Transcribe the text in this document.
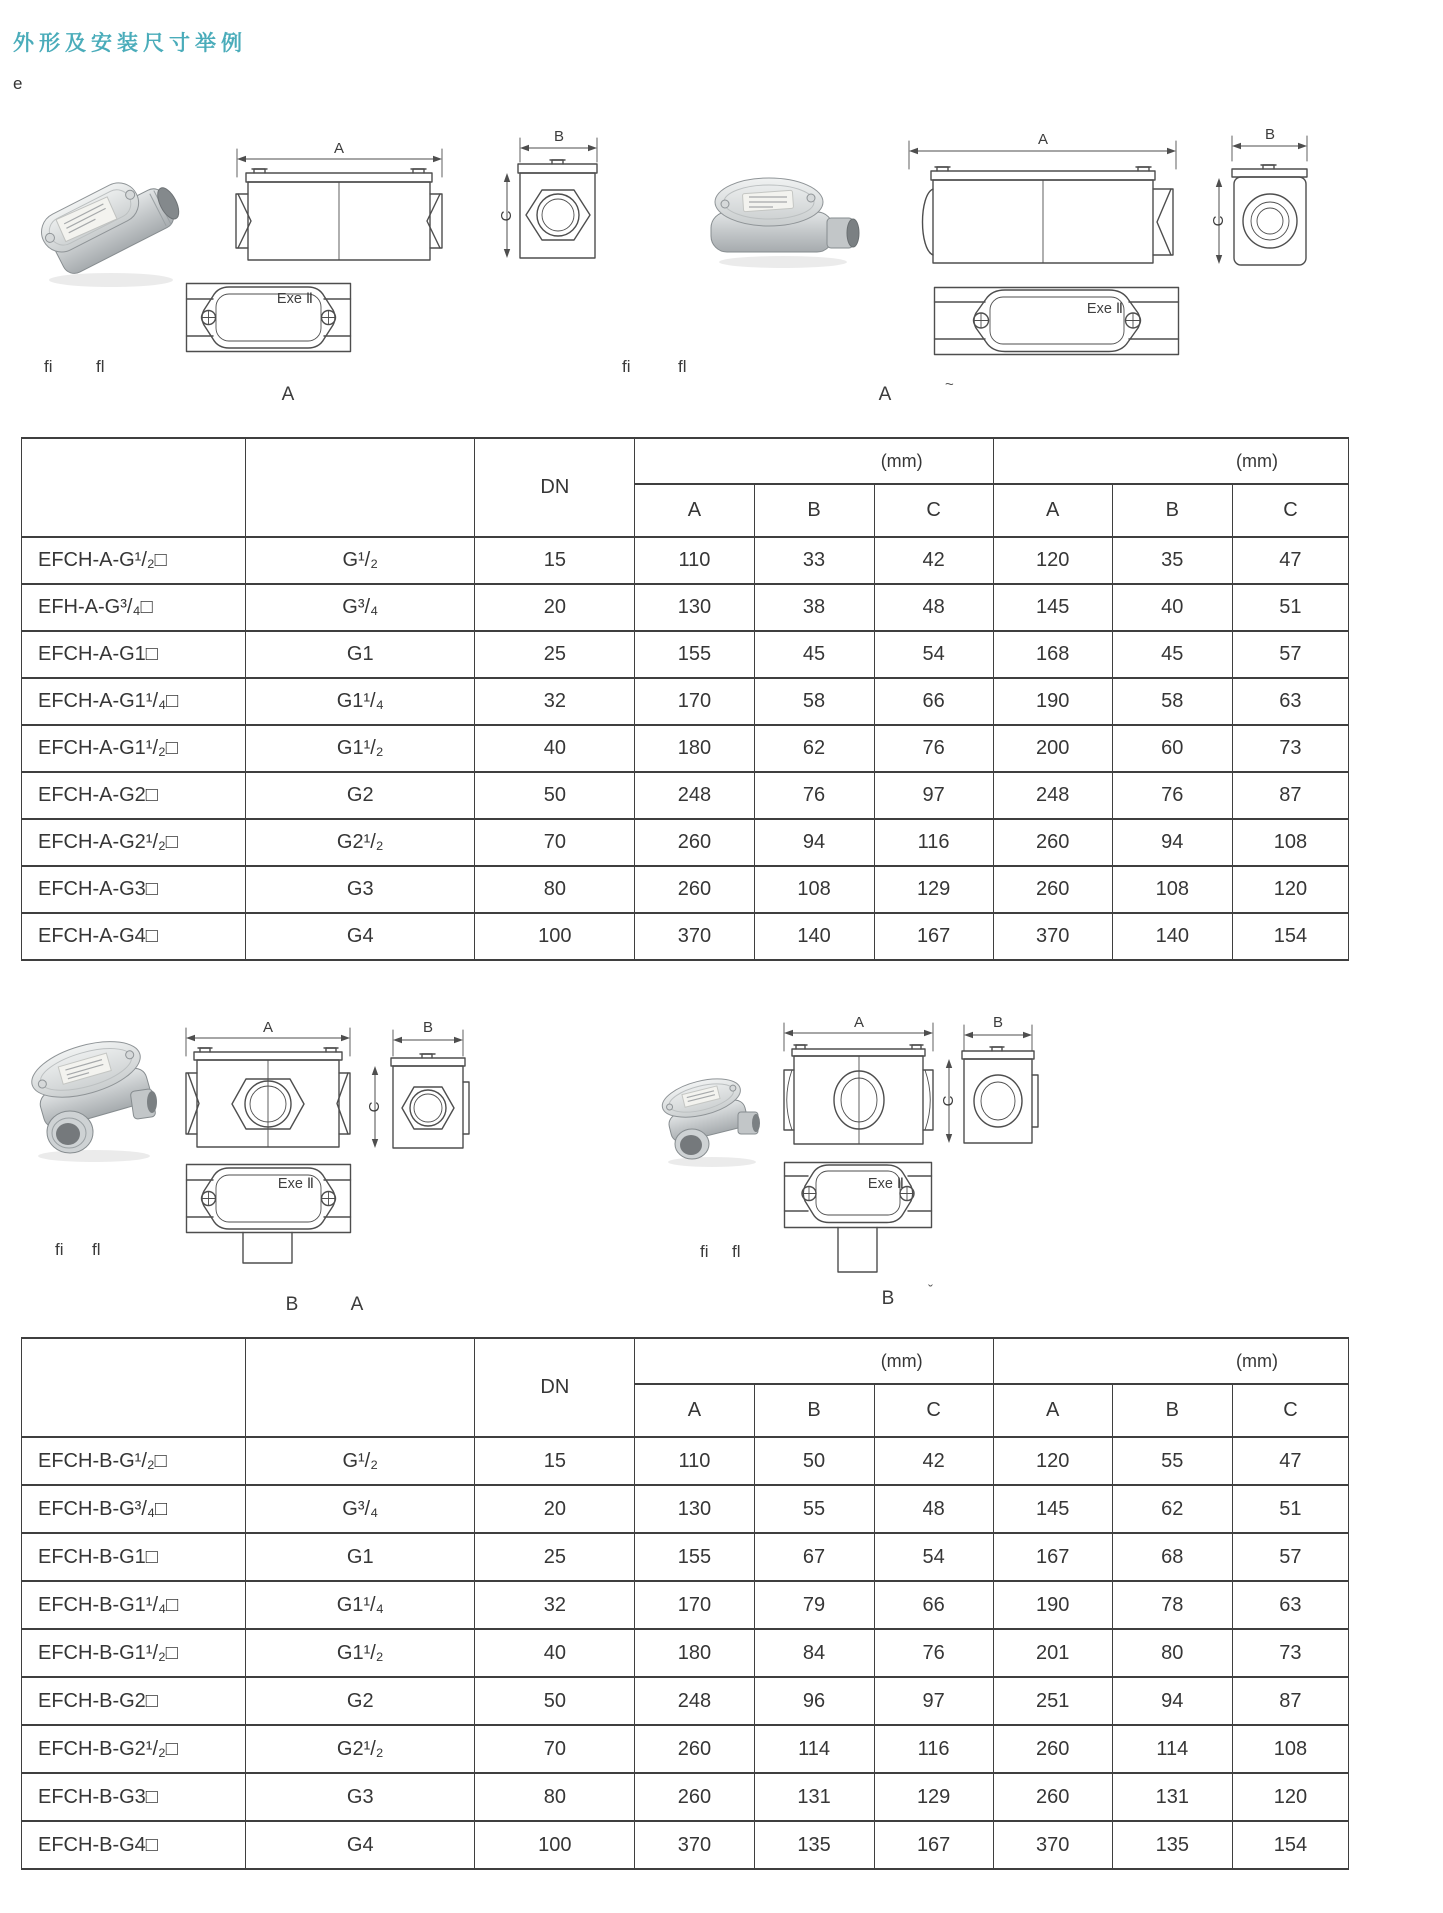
外形及安装尺寸举例
e
A
B
C
Exe Ⅱ
fi	fl
A
A	B
C
Exe Ⅱ
fi	fl
A	~
		DN	(mm)			(mm)		
			A	B	C	A	B	C
EFCH-A-G¹/₂□	G¹/₂	15	110	33	42	120	35	47
EFH-A-G³/₄□	G³/₄	20	130	38	48	145	40	51
EFCH-A-G1□	G1	25	155	45	54	168	45	57
EFCH-A-G1¹/₄□	G1¹/₄	32	170	58	66	190	58	63
EFCH-A-G1¹/₂□	G1¹/₂	40	180	62	76	200	60	73
EFCH-A-G2□	G2	50	248	76	97	248	76	87
EFCH-A-G2¹/₂□	G2¹/₂	70	260	94	116	260	94	108
EFCH-A-G3□	G3	80	260	108	129	260	108	120
EFCH-A-G4□	G4	100	370	140	167	370	140	154
A	B
C
Exe Ⅱ
fi fl
B	A
A	B
C
Exe Ⅱ
fi fl
B	ˇ
		DN	(mm)			(mm)		
			A	B	C	A	B	C
EFCH-B-G¹/₂□	G¹/₂	15	110	50	42	120	55	47
EFCH-B-G³/₄□	G³/₄	20	130	55	48	145	62	51
EFCH-B-G1□	G1	25	155	67	54	167	68	57
EFCH-B-G1¹/₄□	G1¹/₄	32	170	79	66	190	78	63
EFCH-B-G1¹/₂□	G1¹/₂	40	180	84	76	201	80	73
EFCH-B-G2□	G2	50	248	96	97	251	94	87
EFCH-B-G2¹/₂□	G2¹/₂	70	260	114	116	260	114	108
EFCH-B-G3□	G3	80	260	131	129	260	131	120
EFCH-B-G4□	G4	100	370	135	167	370	135	154
